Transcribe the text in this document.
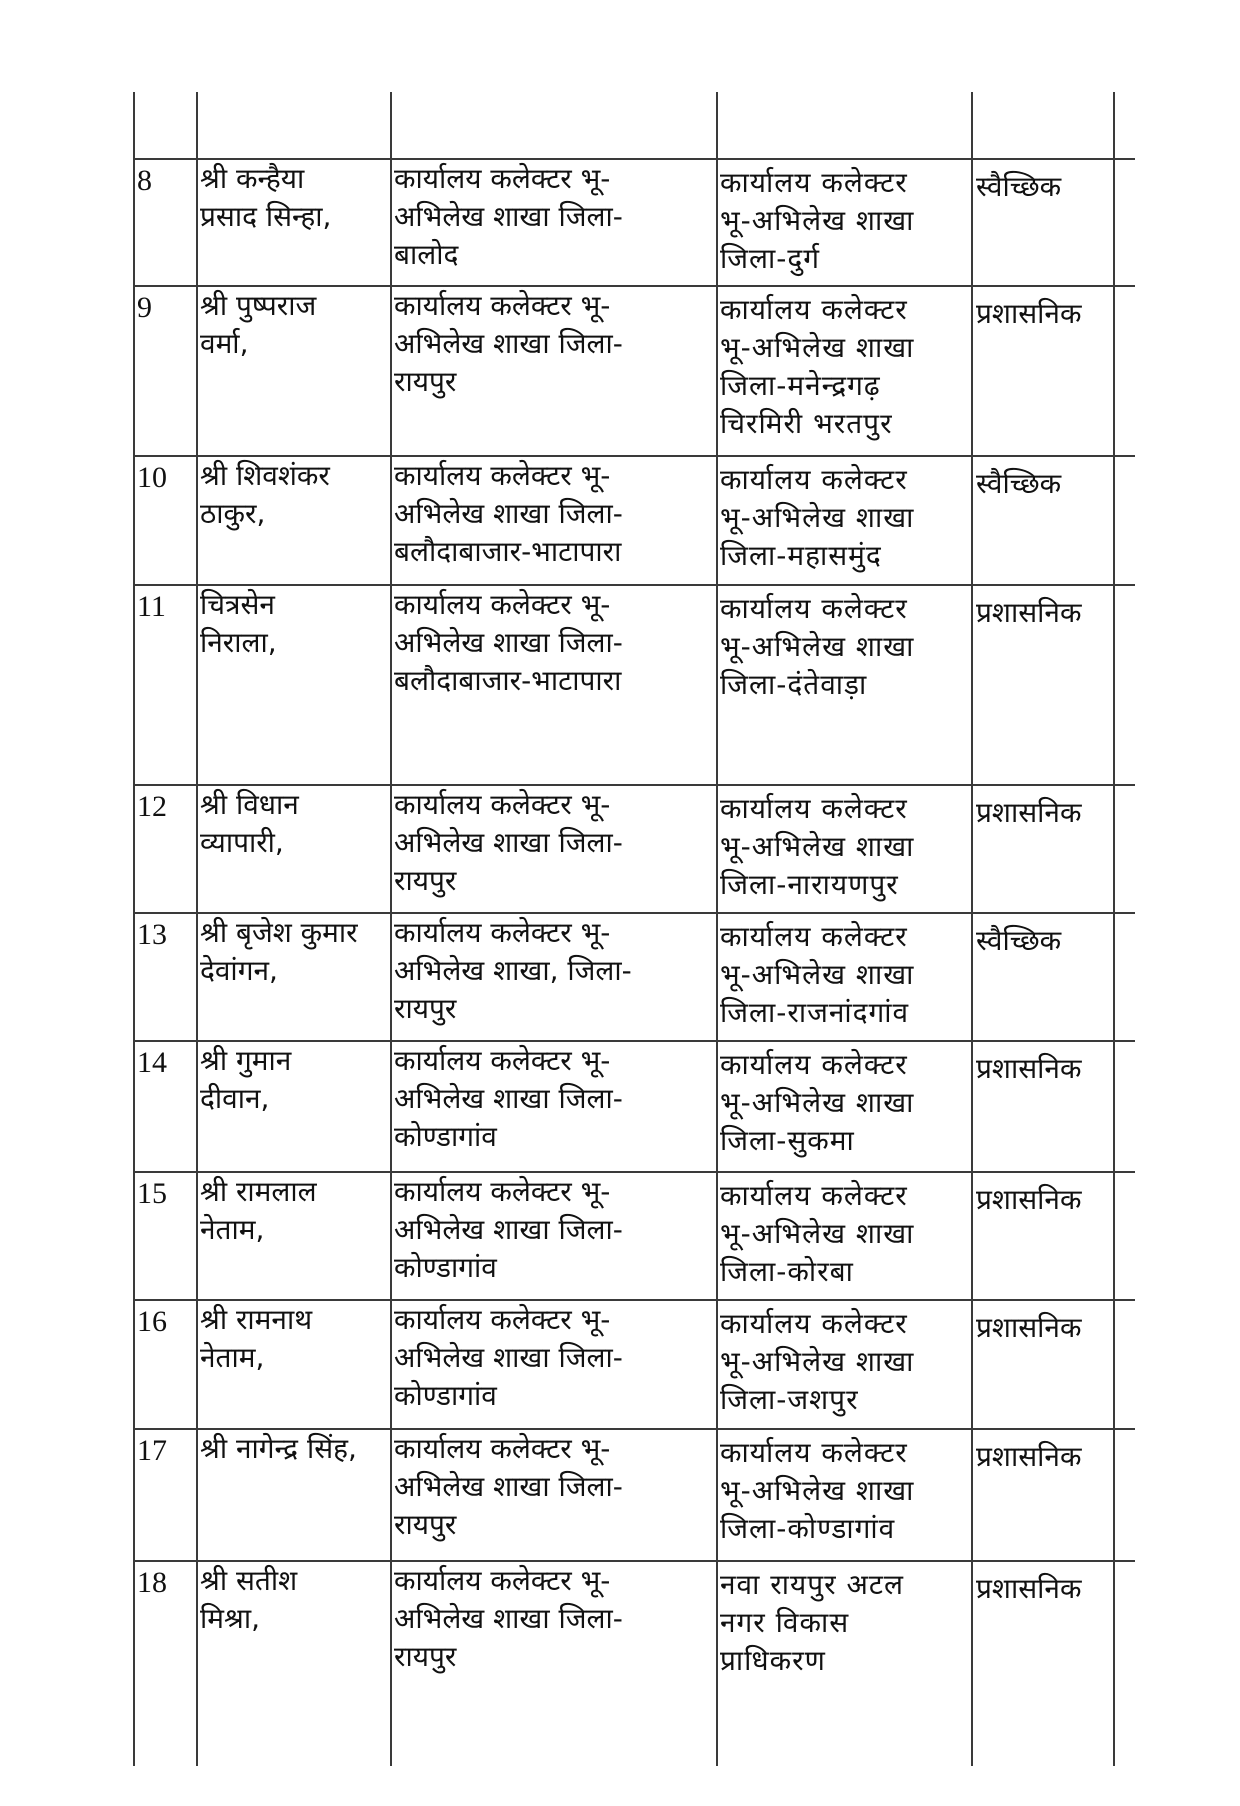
8 श्री कन्हैया
प्रसाद सिन्हा,
कार्यालय कलेक्टर भू-
अभिलेख शाखा जिला-
बालोद
कार्यालय कलेक्टर
भू-अभिलेख शाखा
जिला-दुर्ग
स्वैच्छिक
9 श्री पुष्पराज
वर्मा,
कार्यालय कलेक्टर भू-
अभिलेख शाखा जिला-
रायपुर
कार्यालय कलेक्टर
भू-अभिलेख शाखा
जिला-मनेन्द्रगढ़
चिरमिरी भरतपुर
प्रशासनिक
10 श्री शिवशंकर
ठाकुर,
कार्यालय कलेक्टर भू-
अभिलेख शाखा जिला-
बलौदाबाजार-भाटापारा
कार्यालय कलेक्टर
भू-अभिलेख शाखा
जिला-महासमुंद
स्वैच्छिक
11 चित्रसेन
निराला,
कार्यालय कलेक्टर भू-
अभिलेख शाखा जिला-
बलौदाबाजार-भाटापारा
कार्यालय कलेक्टर
भू-अभिलेख शाखा
जिला-दंतेवाड़ा
प्रशासनिक
12 श्री विधान
व्यापारी,
कार्यालय कलेक्टर भू-
अभिलेख शाखा जिला-
रायपुर
कार्यालय कलेक्टर
भू-अभिलेख शाखा
जिला-नारायणपुर
प्रशासनिक
13 श्री बृजेश कुमार
देवांगन,
कार्यालय कलेक्टर भू-
अभिलेख शाखा, जिला-
रायपुर
कार्यालय कलेक्टर
भू-अभिलेख शाखा
जिला-राजनांदगांव
स्वैच्छिक
14 श्री गुमान
दीवान,
कार्यालय कलेक्टर भू-
अभिलेख शाखा जिला-
कोण्डागांव
कार्यालय कलेक्टर
भू-अभिलेख शाखा
जिला-सुकमा
प्रशासनिक
15 श्री रामलाल
नेताम,
कार्यालय कलेक्टर भू-
अभिलेख शाखा जिला-
कोण्डागांव
कार्यालय कलेक्टर
भू-अभिलेख शाखा
जिला-कोरबा
प्रशासनिक
16 श्री रामनाथ
नेताम,
कार्यालय कलेक्टर भू-
अभिलेख शाखा जिला-
कोण्डागांव
कार्यालय कलेक्टर
भू-अभिलेख शाखा
जिला-जशपुर
प्रशासनिक
17 श्री नागेन्द्र सिंह, कार्यालय कलेक्टर भू-
अभिलेख शाखा जिला-
रायपुर
कार्यालय कलेक्टर
भू-अभिलेख शाखा
जिला-कोण्डागांव
प्रशासनिक
18 श्री सतीश
मिश्रा,
कार्यालय कलेक्टर भू-
अभिलेख शाखा जिला-
रायपुर
नवा रायपुर अटल
नगर विकास
प्राधिकरण
प्रशासनिक
